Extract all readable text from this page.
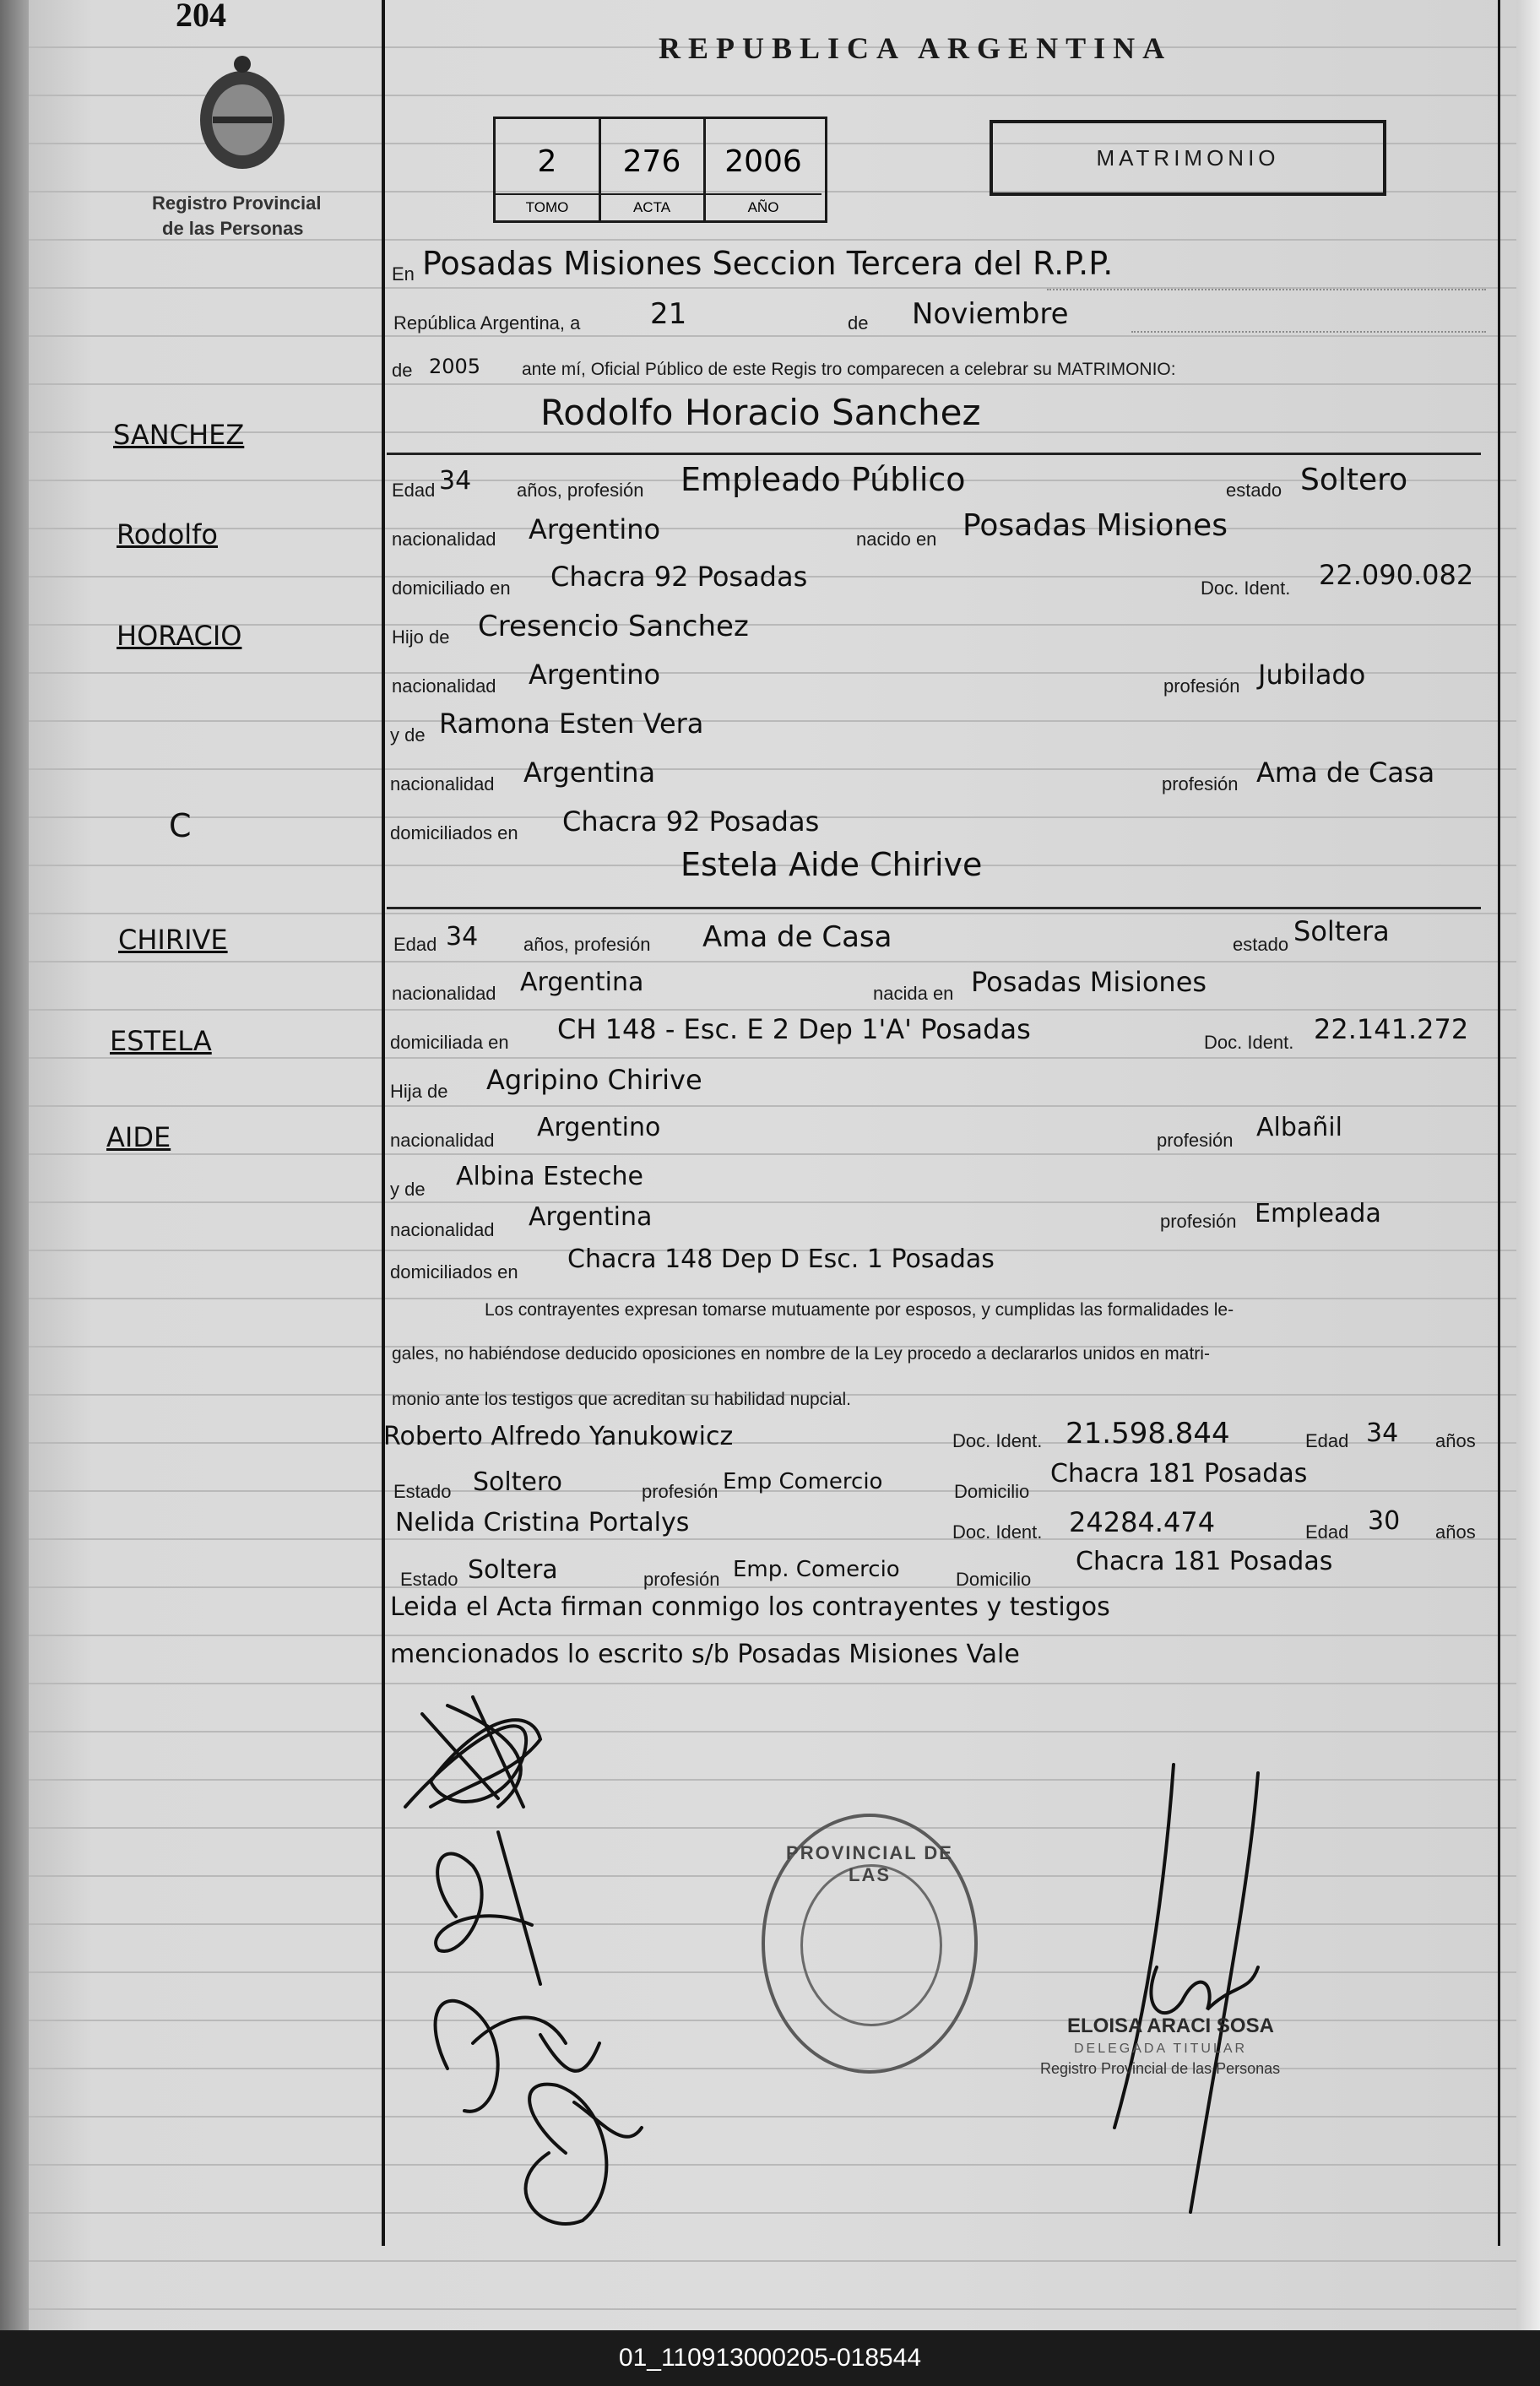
204
Registro Provincial
de las Personas
REPUBLICA ARGENTINA
2
TOMO
276
ACTA
2006
AÑO
MATRIMONIO
SANCHEZ
Rodolfo
HORACIO
C
CHIRIVE
ESTELA
AIDE
En Posadas Misiones Seccion Tercera del R.P.P.
República Argentina, a 21	de Noviembre
de 2005 ante mí, Oficial Público de este Regis tro comparecen a celebrar su MATRIMONIO:
Rodolfo Horacio Sanchez
Edad 34 años, profesión Empleado Público	estado Soltero
nacionalidad Argentino	nacido en Posadas Misiones
domiciliado en Chacra 92 Posadas	Doc. Ident. 22.090.082
Hijo de Cresencio Sanchez
nacionalidad Argentino	profesión Jubilado
y de Ramona Esten Vera
nacionalidad Argentina	profesión Ama de Casa
domiciliados en Chacra 92 Posadas
Estela Aide Chirive
Edad 34 años, profesión Ama de Casa	estado Soltera
nacionalidad Argentina	nacida en Posadas Misiones
domiciliada en CH 148 - Esc. E 2 Dep 1'A' Posadas	Doc. Ident. 22.141.272
Hija de Agripino Chirive
nacionalidad Argentino	profesión Albañil
y de Albina Esteche
nacionalidad Argentina	profesión Empleada
domiciliados en Chacra 148 Dep D Esc. 1 Posadas
Los contrayentes expresan tomarse mutuamente por esposos, y cumplidas las formalidades le-
gales, no habiéndose deducido oposiciones en nombre de la Ley procedo a declararlos unidos en matri-
monio ante los testigos que acreditan su habilidad nupcial.
Roberto Alfredo Yanukowicz	Doc. Ident. 21.598.844	Edad 34 años
Estado Soltero	profesión Emp Comercio	Domicilio
Chacra 181 Posadas
Nelida Cristina Portalys	Doc. Ident. 24284.474	Edad 30 años
Estado Soltera	profesión Emp. Comercio	Domicilio
Chacra 181 Posadas
Leida el Acta firman conmigo los contrayentes y testigos
mencionados lo escrito s/b Posadas Misiones Vale
PROVINCIAL DE LAS
ELOISA ARACI SOSA
DELEGADA TITULAR
Registro Provincial de las Personas
01_110913000205-018544
